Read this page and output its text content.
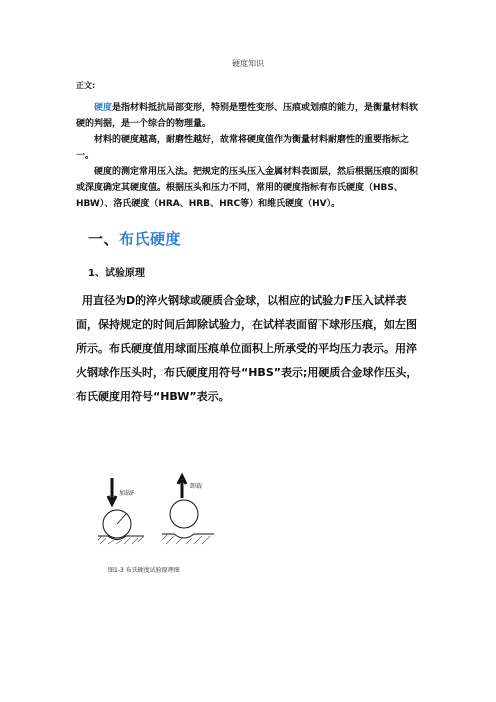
硬度知识
正文:

硬度是指材料抵抗局部变形，特别是塑性变形、压痕或划痕的能力，是衡量材料软硬的判据，是一个综合的物理量。

材料的硬度越高，耐磨性越好，故常将硬度值作为衡量材料耐磨性的重要指标之一。

硬度的测定常用压入法。把规定的压头压入金属材料表面层，然后根据压痕的面积或深度确定其硬度值。根据压头和压力不同，常用的硬度指标有布氏硬度（HBS、HBW）、洛氏硬度（HRA、HRB、HRC等）和维氏硬度（HV）。

一、布氏硬度
1、试验原理

用直径为D的淬火钢球或硬质合金球，以相应的试验力F压入试样表面，保持规定的时间后卸除试验力，在试样表面留下球形压痕，如左图所示。布氏硬度值用球面压痕单位面积上所承受的平均压力表示。用淬火钢球作压头时，布氏硬度用符号“HBS”表示;用硬质合金球作压头，布氏硬度用符号“HBW”表示。

加载F
卸载
图1-3 布氏硬度试验原理图
